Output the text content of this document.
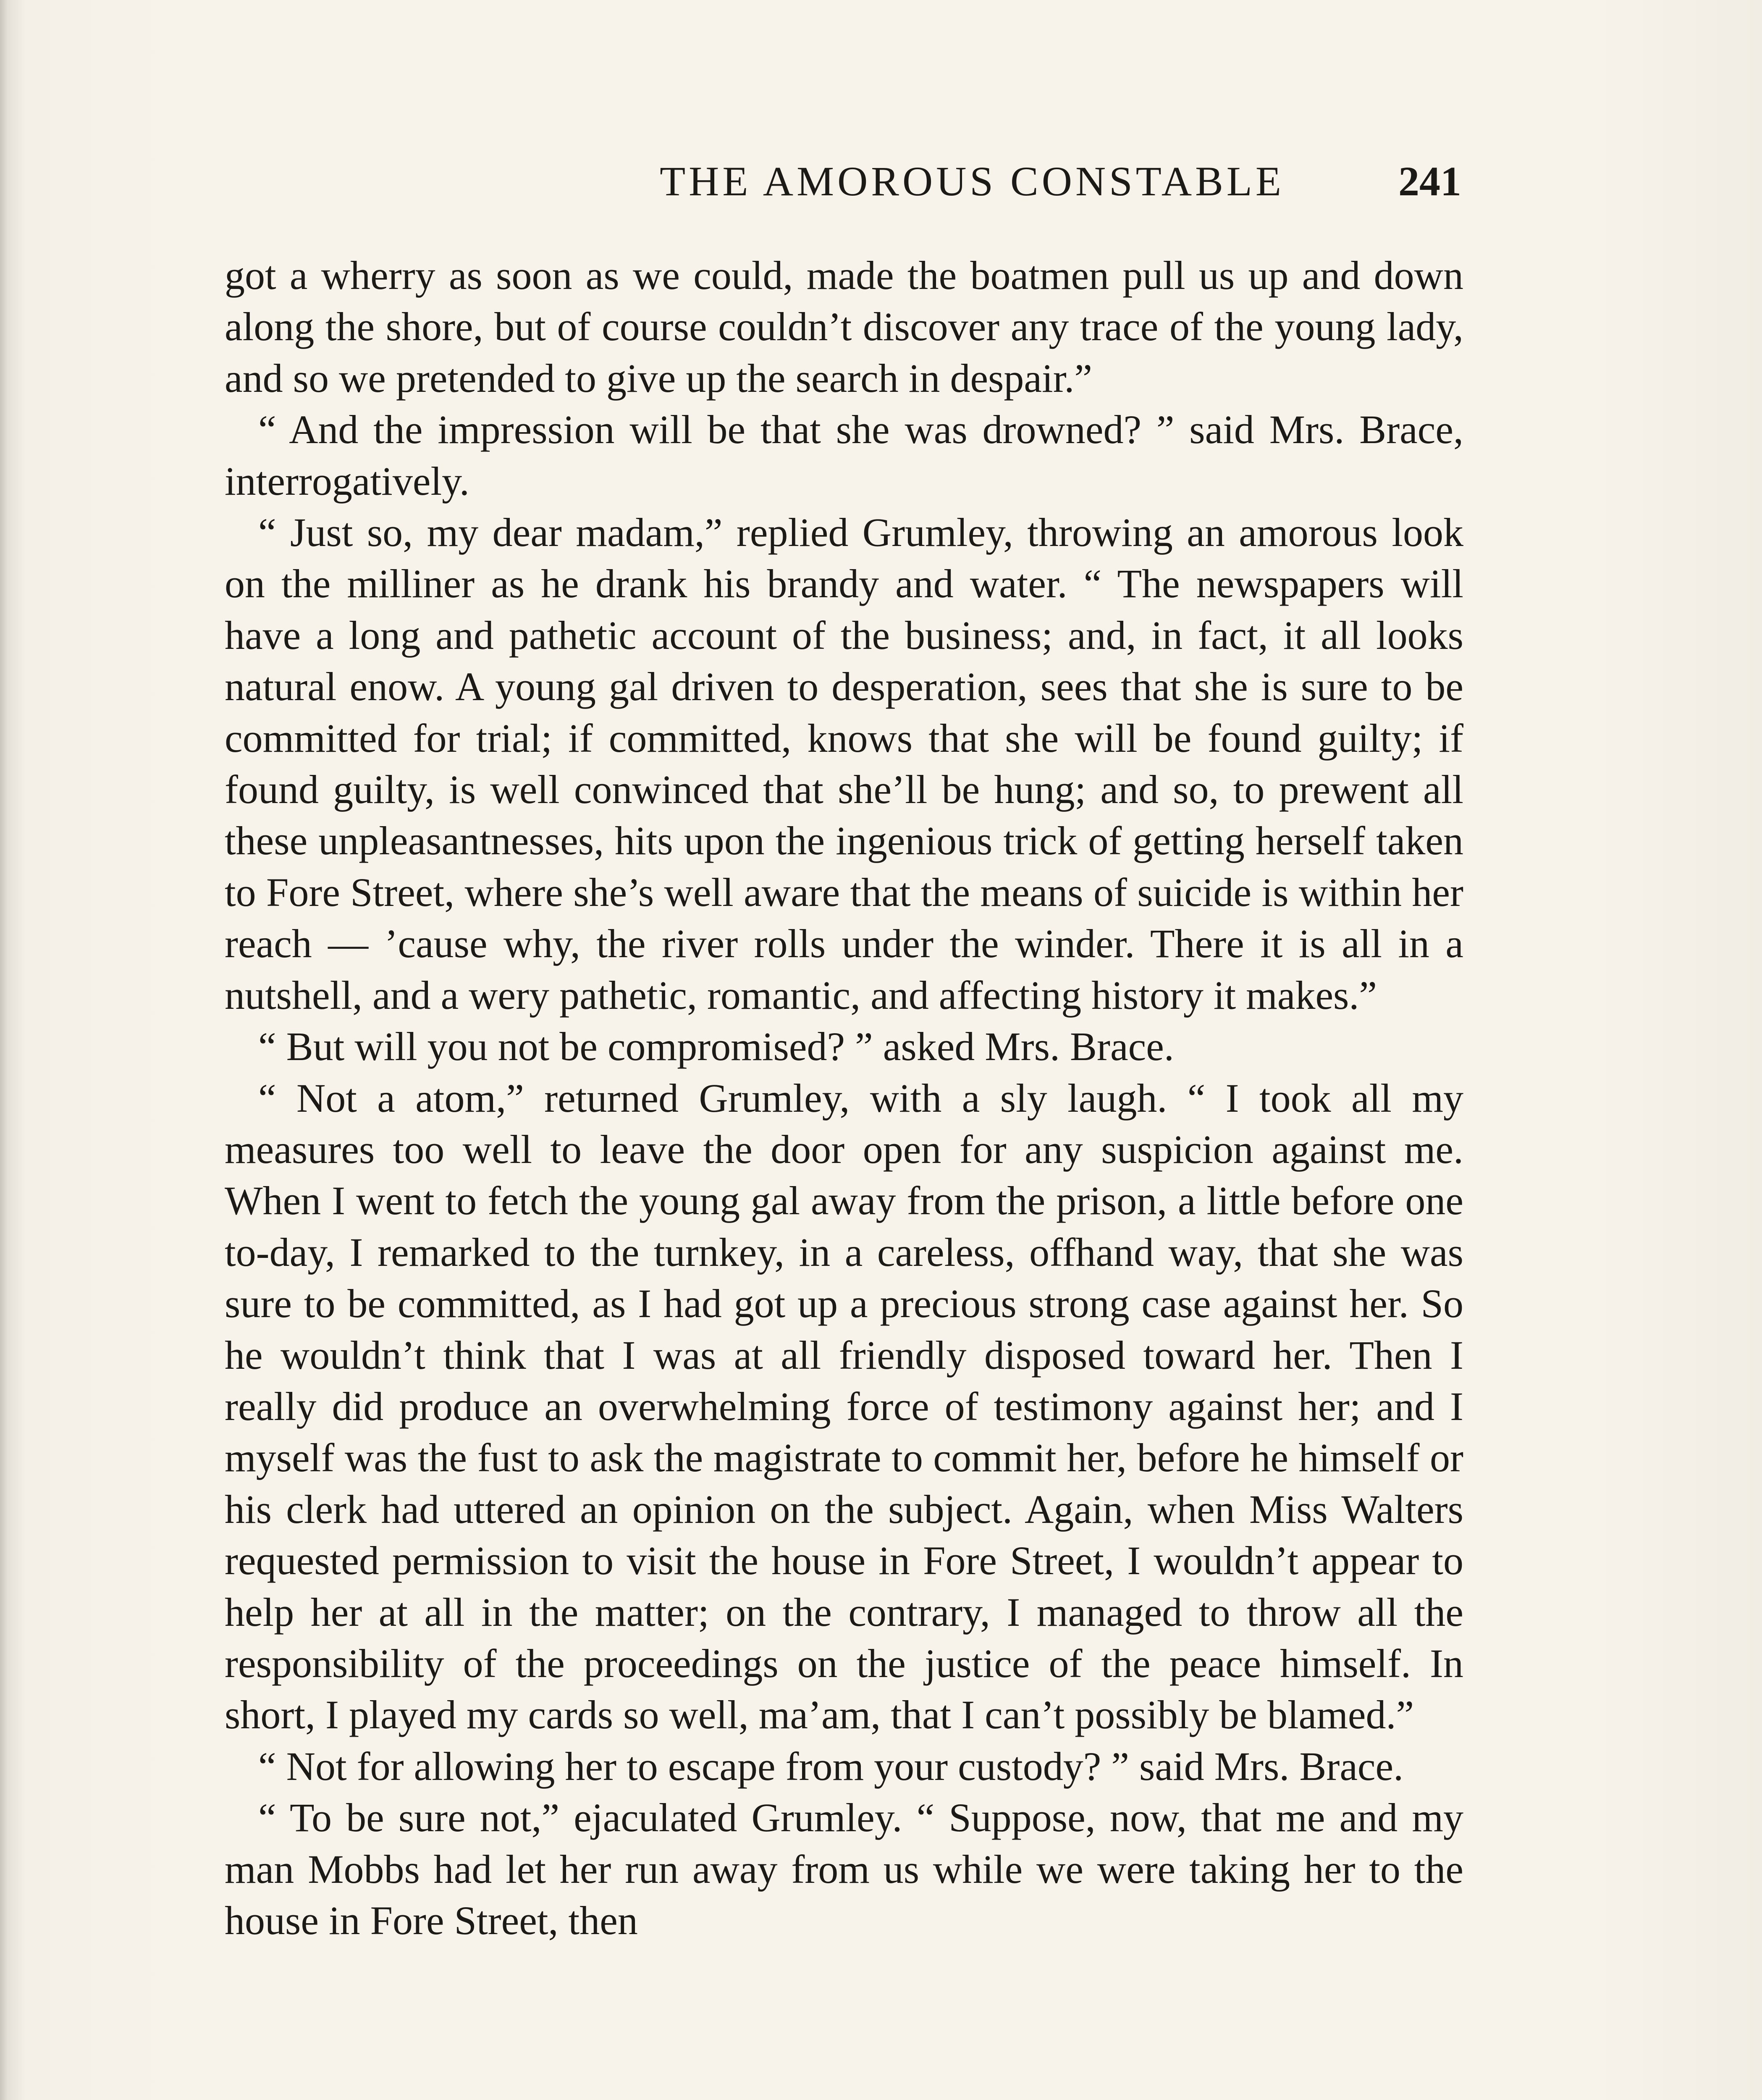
THE AMOROUS CONSTABLE	241

got a wherry as soon as we could, made the boatmen pull us up and down along the shore, but of course couldn’t discover any trace of the young lady, and so we pretended to give up the search in despair.”

“ And the impression will be that she was drowned? ” said Mrs. Brace, interrogatively.

“ Just so, my dear madam,” replied Grumley, throwing an amorous look on the milliner as he drank his brandy and water. “ The newspapers will have a long and pathetic account of the business; and, in fact, it all looks natural enow. A young gal driven to desperation, sees that she is sure to be committed for trial; if committed, knows that she will be found guilty; if found guilty, is well conwinced that she’ll be hung; and so, to prewent all these unpleasantnesses, hits upon the ingenious trick of getting herself taken to Fore Street, where she’s well aware that the means of suicide is within her reach — ’cause why, the river rolls under the winder. There it is all in a nutshell, and a wery pathetic, romantic, and affecting history it makes.”

“ But will you not be compromised? ” asked Mrs. Brace.

“ Not a atom,” returned Grumley, with a sly laugh. “ I took all my measures too well to leave the door open for any suspicion against me. When I went to fetch the young gal away from the prison, a little before one to-day, I remarked to the turnkey, in a careless, offhand way, that she was sure to be committed, as I had got up a precious strong case against her. So he wouldn’t think that I was at all friendly disposed toward her. Then I really did produce an overwhelming force of testimony against her; and I myself was the fust to ask the magistrate to commit her, before he himself or his clerk had uttered an opinion on the subject. Again, when Miss Walters requested permission to visit the house in Fore Street, I wouldn’t appear to help her at all in the matter; on the contrary, I managed to throw all the responsibility of the proceedings on the justice of the peace himself. In short, I played my cards so well, ma’am, that I can’t possibly be blamed.”

“ Not for allowing her to escape from your custody? ” said Mrs. Brace.

“ To be sure not,” ejaculated Grumley. “ Suppose, now, that me and my man Mobbs had let her run away from us while we were taking her to the house in Fore Street, then
